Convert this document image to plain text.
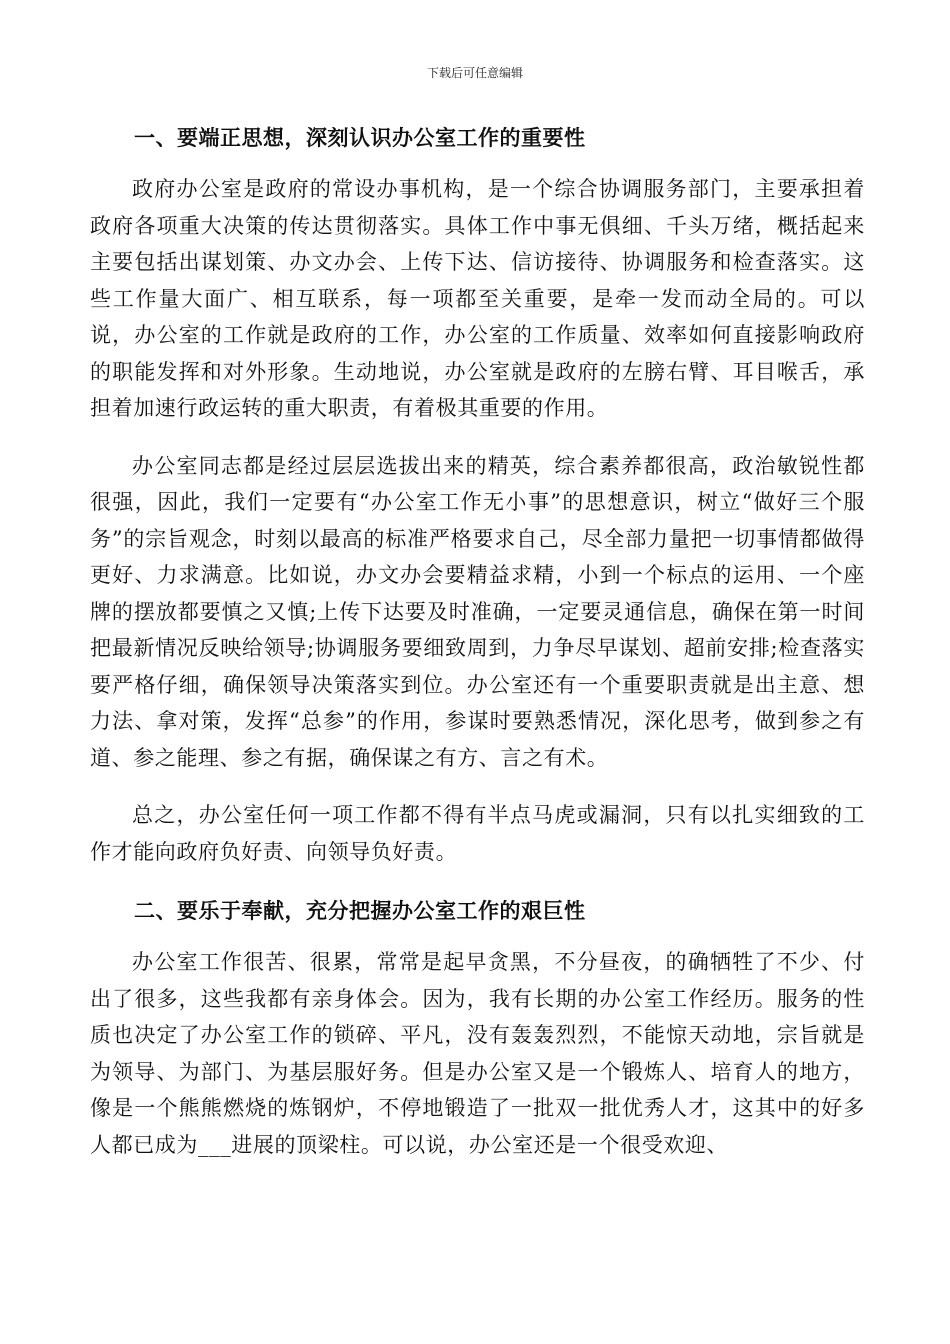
下载后可任意编辑
一、要端正思想，深刻认识办公室工作的重要性

政府办公室是政府的常设办事机构，是一个综合协调服务部门，主要承担着政府各项重大决策的传达贯彻落实。具体工作中事无俱细、千头万绪，概括起来主要包括出谋划策、办文办会、上传下达、信访接待、协调服务和检查落实。这些工作量大面广、相互联系，每一项都至关重要，是牵一发而动全局的。可以说，办公室的工作就是政府的工作，办公室的工作质量、效率如何直接影响政府的职能发挥和对外形象。生动地说，办公室就是政府的左膀右臂、耳目喉舌，承担着加速行政运转的重大职责，有着极其重要的作用。

办公室同志都是经过层层选拔出来的精英，综合素养都很高，政治敏锐性都很强，因此，我们一定要有“办公室工作无小事”的思想意识，树立“做好三个服务”的宗旨观念，时刻以最高的标准严格要求自己，尽全部力量把一切事情都做得更好、力求满意。比如说，办文办会要精益求精，小到一个标点的运用、一个座牌的摆放都要慎之又慎;上传下达要及时准确，一定要灵通信息，确保在第一时间把最新情况反映给领导;协调服务要细致周到，力争尽早谋划、超前安排;检查落实要严格仔细，确保领导决策落实到位。办公室还有一个重要职责就是出主意、想力法、拿对策，发挥“总参”的作用，参谋时要熟悉情况，深化思考，做到参之有道、参之能理、参之有据，确保谋之有方、言之有术。

总之，办公室任何一项工作都不得有半点马虎或漏洞，只有以扎实细致的工作才能向政府负好责、向领导负好责。

二、要乐于奉献，充分把握办公室工作的艰巨性

办公室工作很苦、很累，常常是起早贪黑，不分昼夜，的确牺牲了不少、付出了很多，这些我都有亲身体会。因为，我有长期的办公室工作经历。服务的性质也决定了办公室工作的锁碎、平凡，没有轰轰烈烈，不能惊天动地，宗旨就是为领导、为部门、为基层服好务。但是办公室又是一个锻炼人、培育人的地方，像是一个熊熊燃烧的炼钢炉，不停地锻造了一批双一批优秀人才，这其中的好多人都已成为___进展的顶梁柱。可以说，办公室还是一个很受欢迎、
